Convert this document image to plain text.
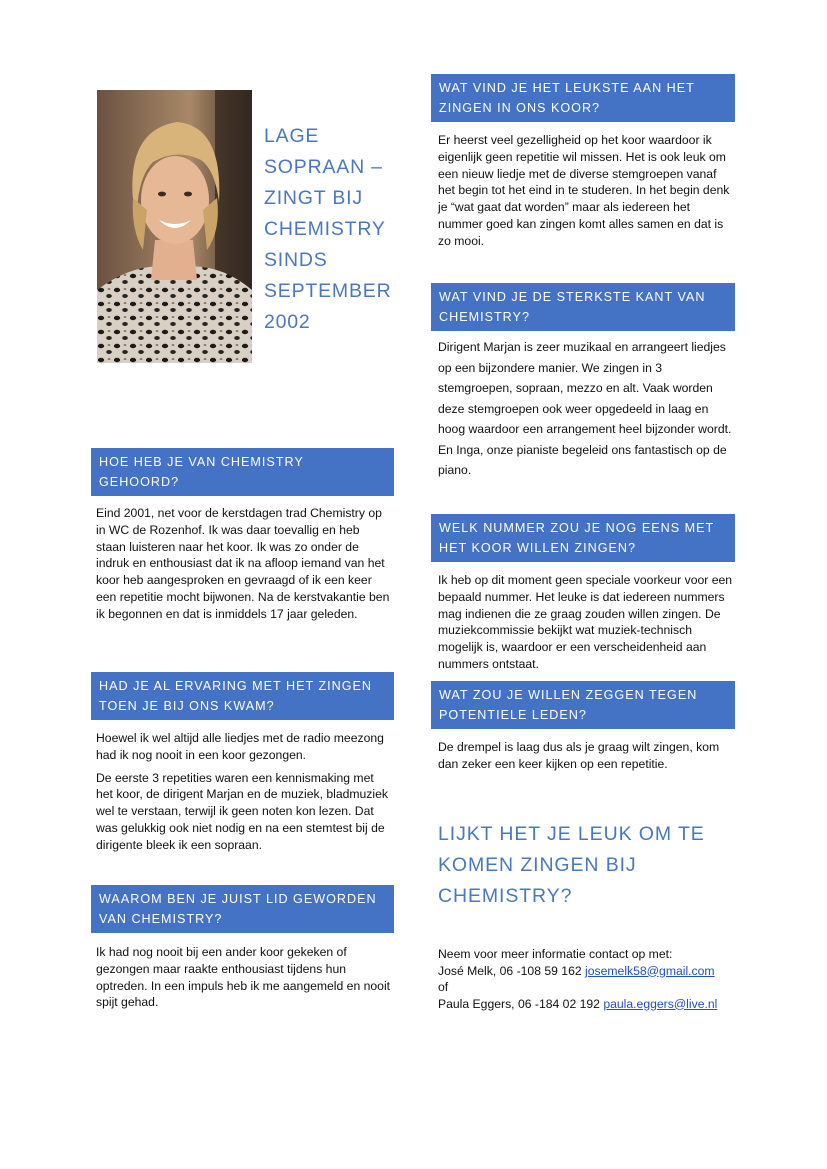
LAGE
SOPRAAN –
ZINGT BIJ
CHEMISTRY
SINDS
SEPTEMBER
2002
HOE HEB JE VAN CHEMISTRY GEHOORD?

Eind 2001, net voor de kerstdagen trad Chemistry op in WC de Rozenhof. Ik was daar toevallig en heb staan luisteren naar het koor. Ik was zo onder de indruk en enthousiast dat ik na afloop iemand van het koor heb aangesproken en gevraagd of ik een keer een repetitie mocht bijwonen. Na de kerstvakantie ben ik begonnen en dat is inmiddels 17 jaar geleden.

HAD JE AL ERVARING MET HET ZINGEN TOEN JE BIJ ONS KWAM?

Hoewel ik wel altijd alle liedjes met de radio meezong had ik nog nooit in een koor gezongen.

De eerste 3 repetities waren een kennismaking met het koor, de dirigent Marjan en de muziek, bladmuziek wel te verstaan, terwijl ik geen noten kon lezen. Dat was gelukkig ook niet nodig en na een stemtest bij de dirigente bleek ik een sopraan.

WAAROM BEN JE JUIST LID GEWORDEN VAN CHEMISTRY?

Ik had nog nooit bij een ander koor gekeken of gezongen maar raakte enthousiast tijdens hun optreden. In een impuls heb ik me aangemeld en nooit spijt gehad.

WAT VIND JE HET LEUKSTE AAN HET ZINGEN IN ONS KOOR?

Er heerst veel gezelligheid op het koor waardoor ik eigenlijk geen repetitie wil missen. Het is ook leuk om een nieuw liedje met de diverse stemgroepen vanaf het begin tot het eind in te studeren. In het begin denk je “wat gaat dat worden” maar als iedereen het nummer goed kan zingen komt alles samen en dat is zo mooi.

WAT VIND JE DE STERKSTE KANT VAN CHEMISTRY?

Dirigent Marjan is zeer muzikaal en arrangeert liedjes op een bijzondere manier. We zingen in 3 stemgroepen, sopraan, mezzo en alt. Vaak worden deze stemgroepen ook weer opgedeeld in laag en hoog waardoor een arrangement heel bijzonder wordt. En Inga, onze pianiste begeleid ons fantastisch op de piano.

WELK NUMMER ZOU JE NOG EENS MET HET KOOR WILLEN ZINGEN?

Ik heb op dit moment geen speciale voorkeur voor een bepaald nummer. Het leuke is dat iedereen nummers mag indienen die ze graag zouden willen zingen. De muziekcommissie bekijkt wat muziek-technisch mogelijk is, waardoor er een verscheidenheid aan nummers ontstaat.

WAT ZOU JE WILLEN ZEGGEN TEGEN POTENTIELE LEDEN?

De drempel is laag dus als je graag wilt zingen, kom dan zeker een keer kijken op een repetitie.

LIJKT HET JE LEUK OM TE KOMEN ZINGEN BIJ CHEMISTRY?
Neem voor meer informatie contact op met:
José Melk, 06 -108 59 162 josemelk58@gmail.com
of
Paula Eggers, 06 -184 02 192 paula.eggers@live.nl
